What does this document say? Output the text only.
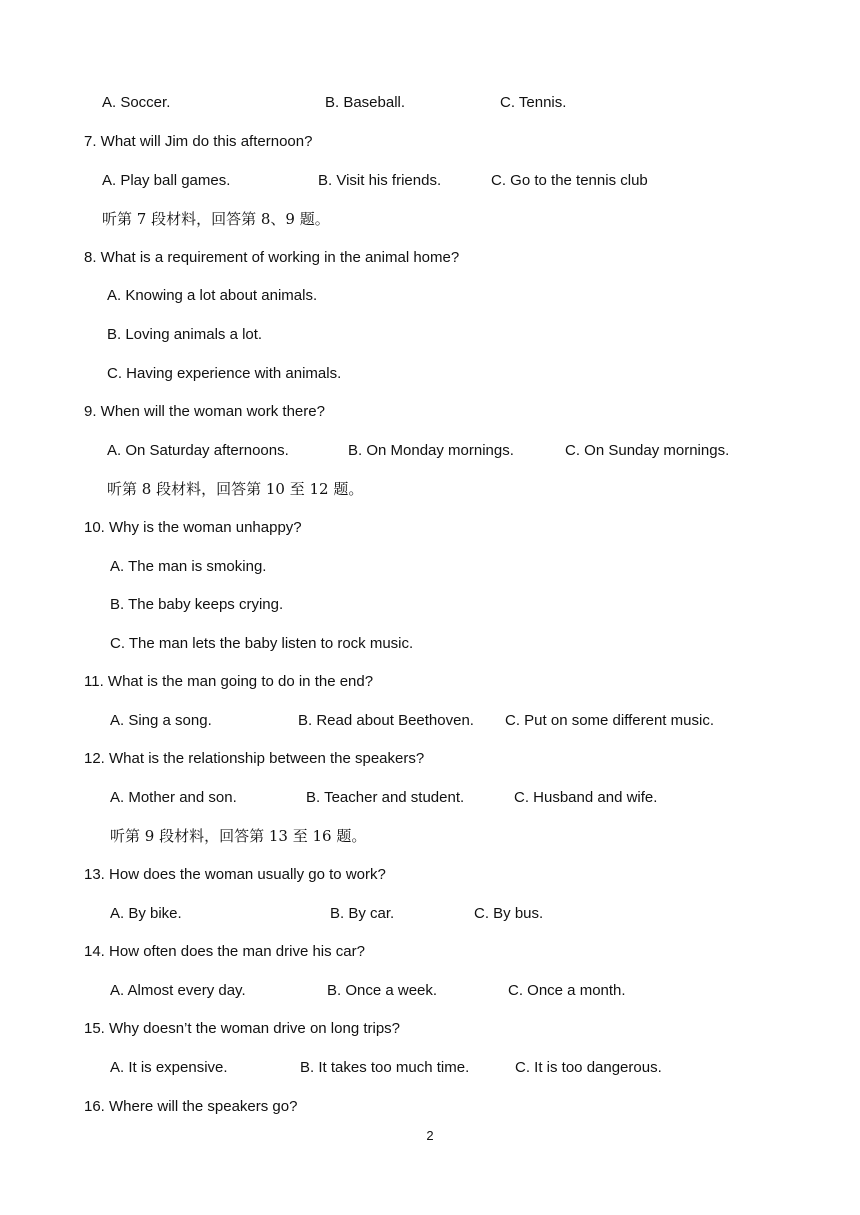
A. Soccer.	B. Baseball.	C. Tennis.
7. What will Jim do this afternoon?
A. Play ball games.	B. Visit his friends.	C. Go to the tennis club
听第 7 段材料，回答第 8、9 题。
8. What is a requirement of working in the animal home?
A. Knowing a lot about animals.
B. Loving animals a lot.
C. Having experience with animals.
9. When will the woman work there?
A. On Saturday afternoons.	B. On Monday mornings.	C. On Sunday mornings.
听第 8 段材料，回答第 10 至 12 题。
10. Why is the woman unhappy?
A. The man is smoking.
B. The baby keeps crying.
C. The man lets the baby listen to rock music.
11. What is the man going to do in the end?
A. Sing a song.	B. Read about Beethoven. C. Put on some different music.
12. What is the relationship between the speakers?
A. Mother and son.	B. Teacher and student.	C. Husband and wife.
听第 9 段材料，回答第 13 至 16 题。
13. How does the woman usually go to work?
A. By bike.	B. By car.	C. By bus.
14. How often does the man drive his car?
A. Almost every day.	B. Once a week.	C. Once a month.
15. Why doesn’t the woman drive on long trips?
A. It is expensive.	B. It takes too much time.	C. It is too dangerous.
16. Where will the speakers go?
2
